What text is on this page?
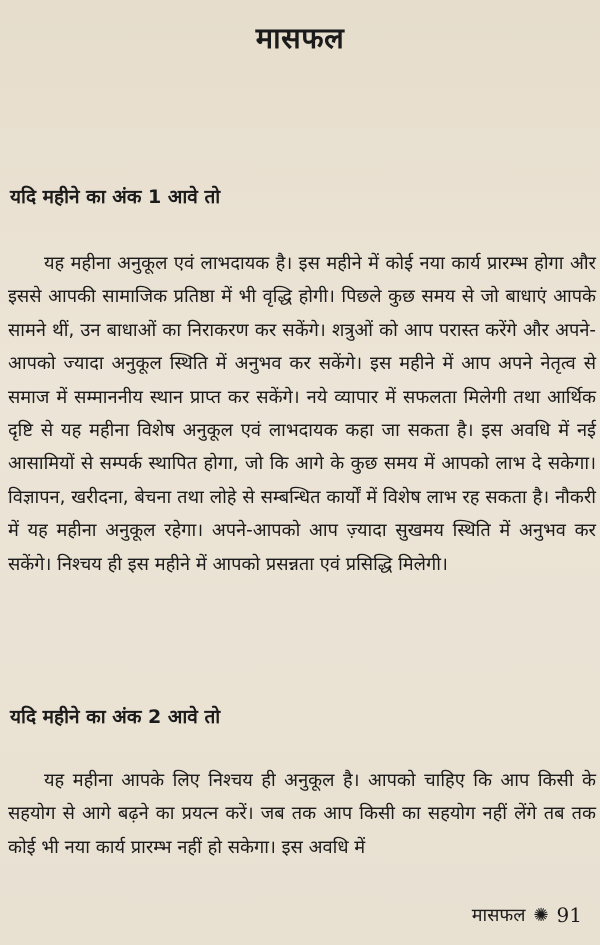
मासफल
यदि महीने का अंक 1 आवे तो
यह महीना अनुकूल एवं लाभदायक है। इस महीने में कोई नया कार्य प्रारम्भ होगा और इससे आपकी सामाजिक प्रतिष्ठा में भी वृद्धि होगी। पिछले कुछ समय से जो बाधाएं आपके सामने थीं, उन बाधाओं का निराकरण कर सकेंगे। शत्रुओं को आप परास्त करेंगे और अपने-आपको ज्यादा अनुकूल स्थिति में अनुभव कर सकेंगे। इस महीने में आप अपने नेतृत्व से समाज में सम्माननीय स्थान प्राप्त कर सकेंगे। नये व्यापार में सफलता मिलेगी तथा आर्थिक दृष्टि से यह महीना विशेष अनुकूल एवं लाभदायक कहा जा सकता है। इस अवधि में नई आसामियों से सम्पर्क स्थापित होगा, जो कि आगे के कुछ समय में आपको लाभ दे सकेगा। विज्ञापन, खरीदना, बेचना तथा लोहे से सम्बन्धित कार्यों में विशेष लाभ रह सकता है। नौकरी में यह महीना अनुकूल रहेगा। अपने-आपको आप ज़्यादा सुखमय स्थिति में अनुभव कर सकेंगे। निश्चय ही इस महीने में आपको प्रसन्नता एवं प्रसिद्धि मिलेगी।
यदि महीने का अंक 2 आवे तो
यह महीना आपके लिए निश्चय ही अनुकूल है। आपको चाहिए कि आप किसी के सहयोग से आगे बढ़ने का प्रयत्न करें। जब तक आप किसी का सहयोग नहीं लेंगे तब तक कोई भी नया कार्य प्रारम्भ नहीं हो सकेगा। इस अवधि में
मासफल ✺ 91
